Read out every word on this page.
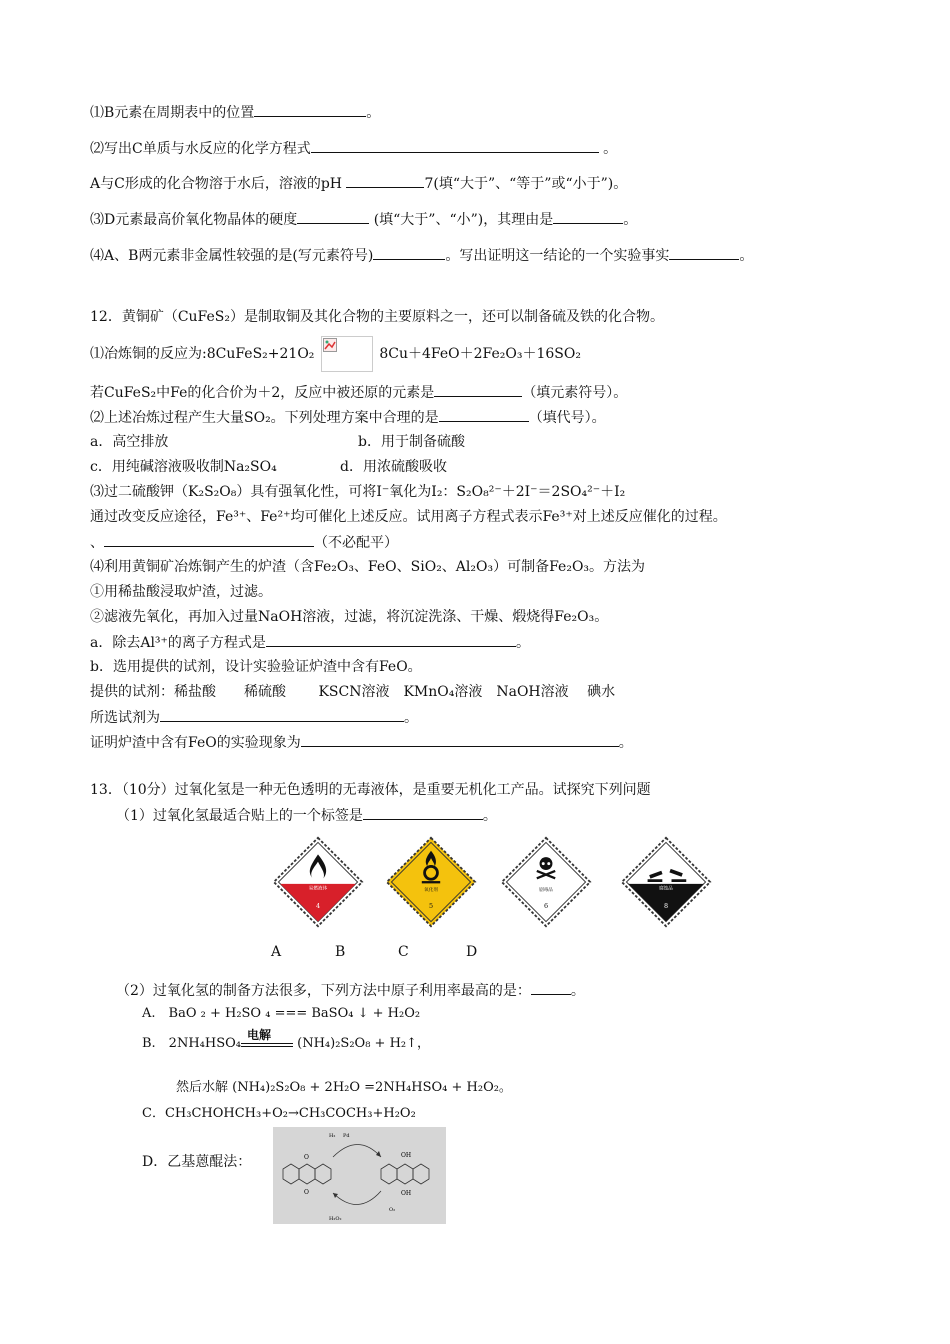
⑴B元素在周期表中的位置	。
⑵写出C单质与水反应的化学方程式	。
A与C形成的化合物溶于水后，溶液的pH	7(填“大于”、“等于”或“小于”)。
⑶D元素最高价氧化物晶体的硬度	(填“大于”、“小”)，其理由是	。
⑷A、B两元素非金属性较强的是(写元素符号)	。写出证明这一结论的一个实验事实	。
12．黄铜矿（CuFeS₂）是制取铜及其化合物的主要原料之一，还可以制备硫及铁的化合物。
⑴冶炼铜的反应为:8CuFeS₂+21O₂	8Cu＋4FeO＋2Fe₂O₃＋16SO₂
若CuFeS₂中Fe的化合价为＋2，反应中被还原的元素是	（填元素符号）。
⑵上述冶炼过程产生大量SO₂。下列处理方案中合理的是	（填代号）。
a．高空排放	b．用于制备硫酸
c．用纯碱溶液吸收制Na₂SO₄	d．用浓硫酸吸收
⑶过二硫酸钾（K₂S₂O₈）具有强氧化性，可将I⁻氧化为I₂：S₂O₈²⁻＋2I⁻＝2SO₄²⁻＋I₂
通过改变反应途径，Fe³⁺、Fe²⁺均可催化上述反应。试用离子方程式表示Fe³⁺对上述反应催化的过程。
、	（不必配平）
⑷利用黄铜矿冶炼铜产生的炉渣（含Fe₂O₃、FeO、SiO₂、Al₂O₃）可制备Fe₂O₃。方法为
①用稀盐酸浸取炉渣，过滤。
②滤液先氧化，再加入过量NaOH溶液，过滤，将沉淀洗涤、干燥、煅烧得Fe₂O₃。
a．除去Al³⁺的离子方程式是	。
b．选用提供的试剂，设计实验验证炉渣中含有FeO。
提供的试剂：稀盐酸　　稀硫酸　　 KSCN溶液　KMnO₄溶液　NaOH溶液　 碘水
所选试剂为	。
证明炉渣中含有FeO的实验现象为	。
13．（10分）过氧化氢是一种无色透明的无毒液体，是重要无机化工产品。试探究下列问题
（1）过氧化氢最适合贴上的一个标签是	。
易燃液体
4
氧化剂
5
剧毒品
6
腐蚀品
8
A	B	C	D
（2）过氧化氢的制备方法很多，下列方法中原子利用率最高的是：	。
A.　BaO ₂ + H₂SO ₄ === BaSO₄ ↓ + H₂O₂
B.　2NH₄HSO₄
电解
(NH₄)₂S₂O₈ + H₂↑，
然后水解 (NH₄)₂S₂O₈ + 2H₂O =2NH₄HSO₄ + H₂O₂。
C．CH₃CHOHCH₃+O₂→CH₃COCH₃+H₂O₂
D．乙基蒽醌法：	O
O
OH
OH
H₂ Pd
O₂
H₂O₂
